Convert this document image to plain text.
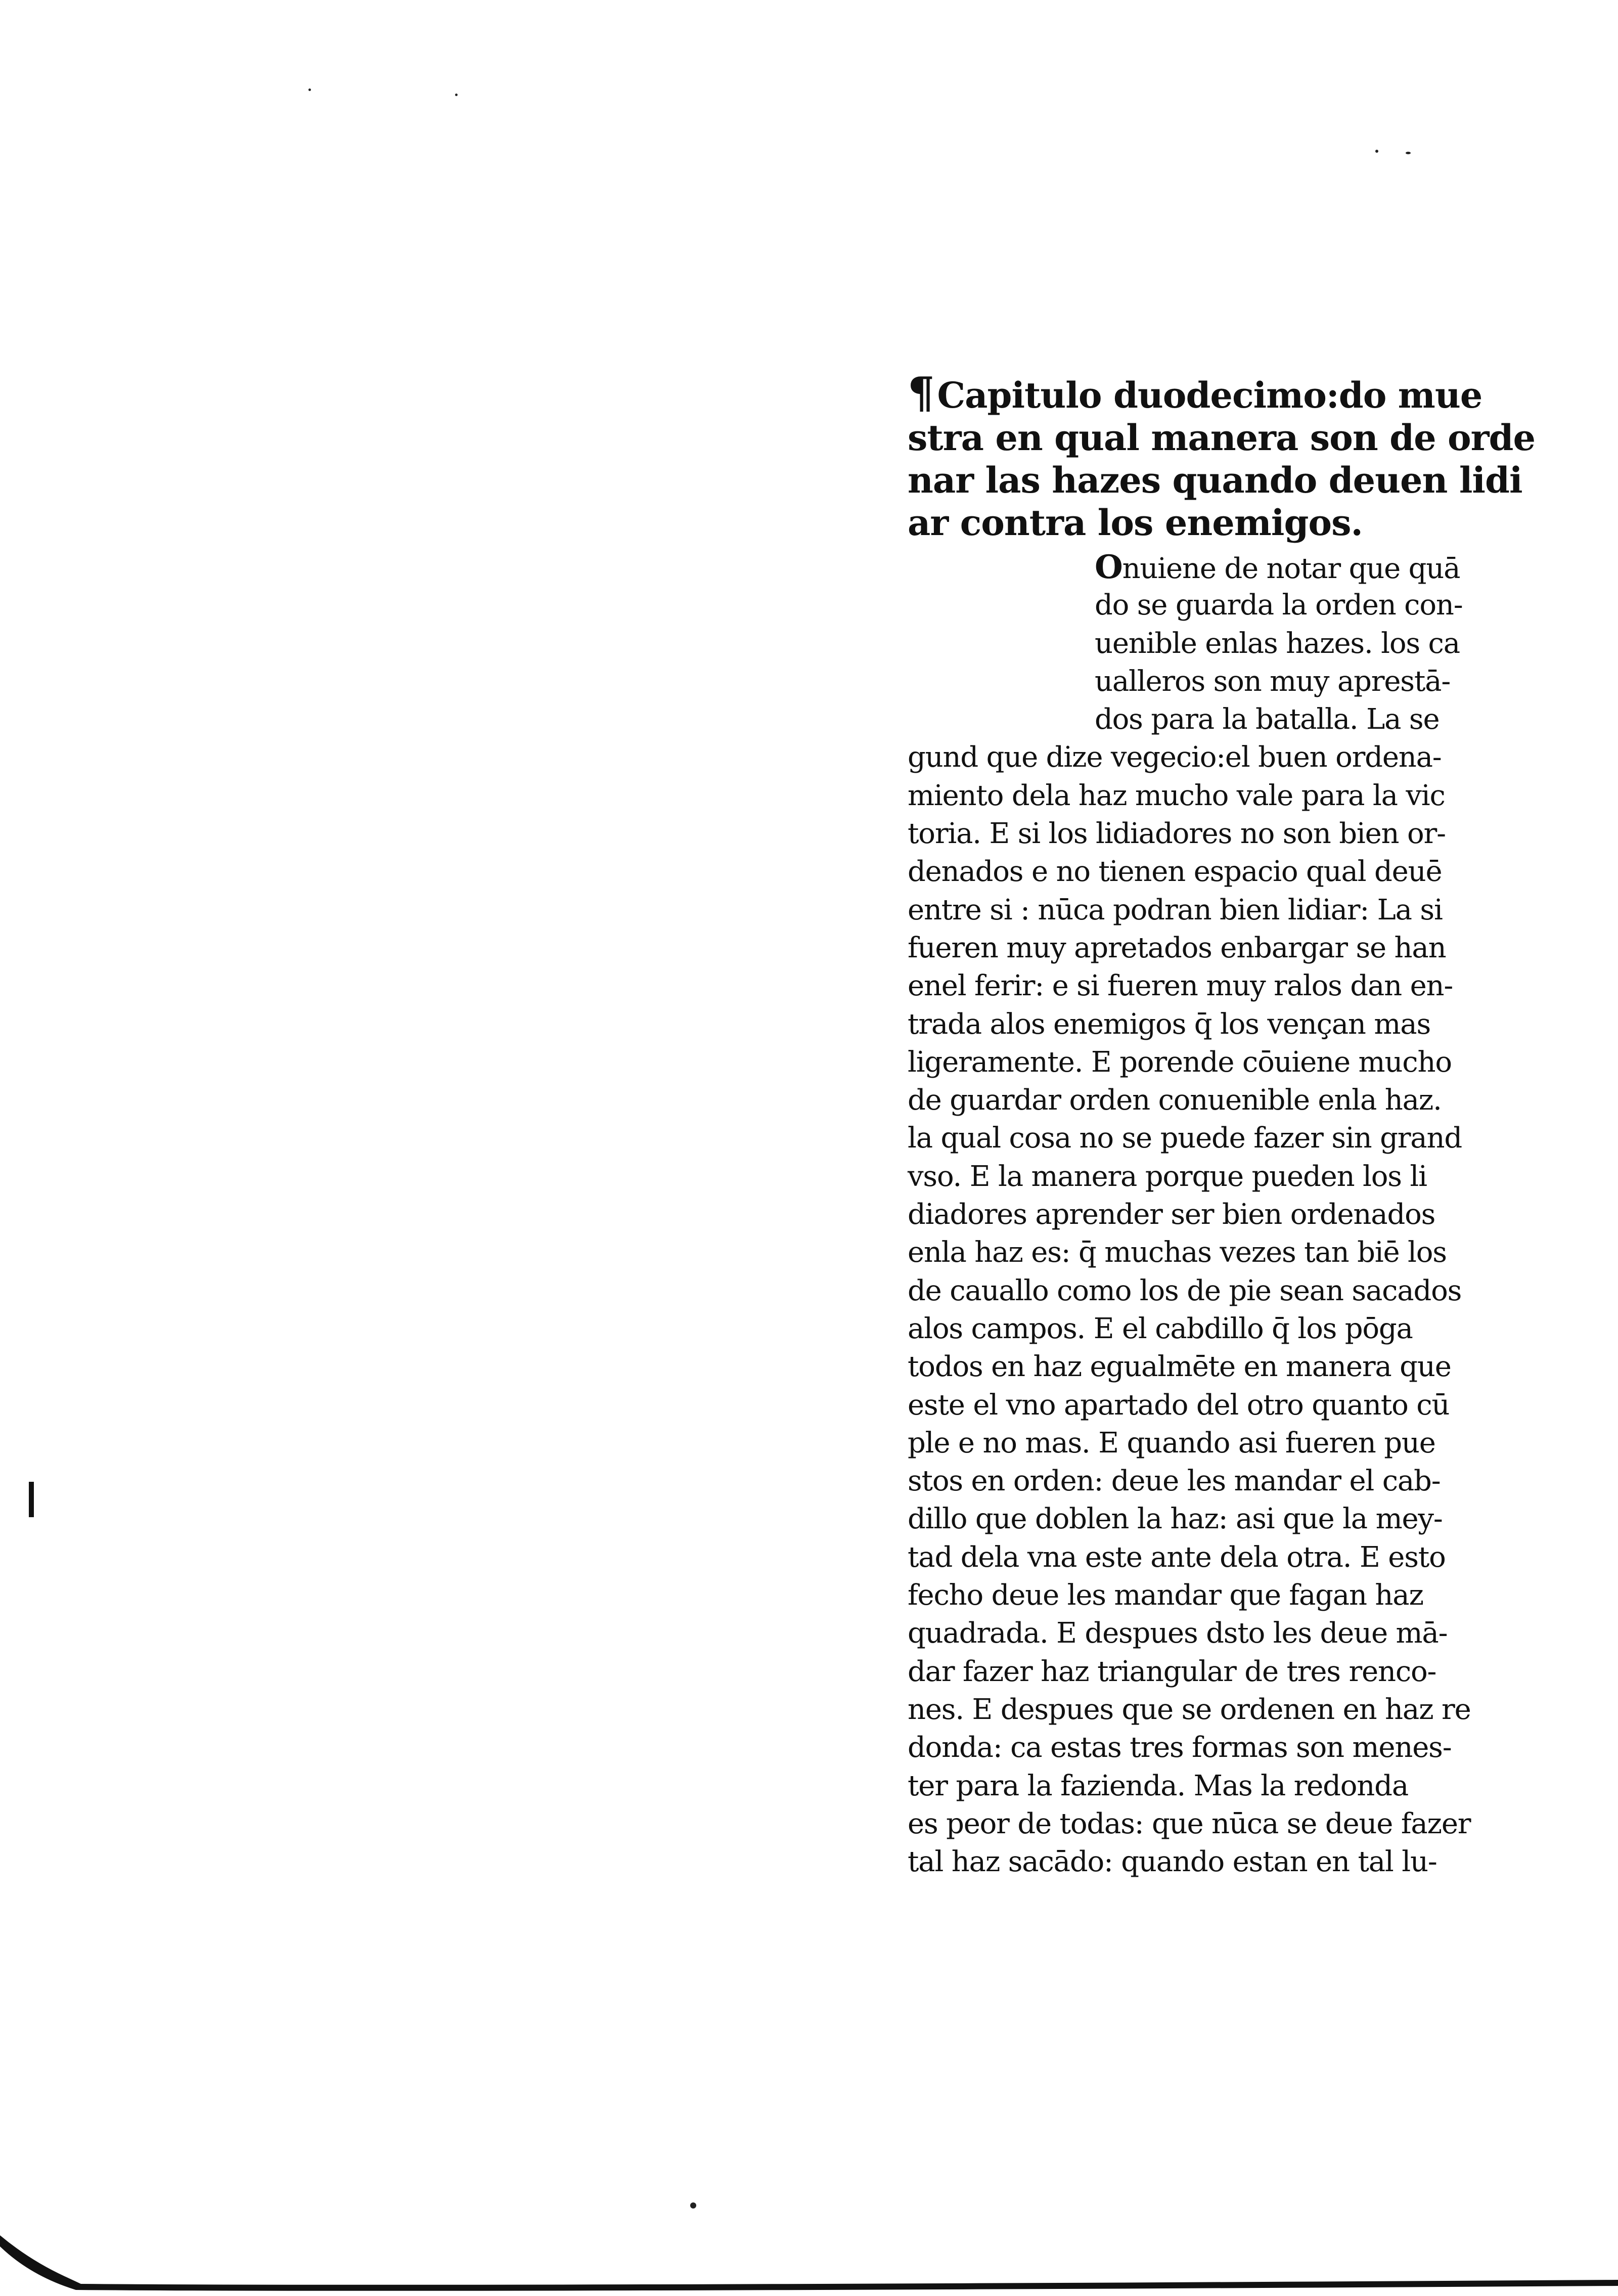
¶Capitulo duodecimo:do mue
stra en qual manera son de orde
nar las hazes quando deuen lidi
ar contra los enemigos.
Onuiene de notar que quā
do se guarda la orden con-
uenible enlas hazes. los ca
ualleros son muy aprestā-
dos para la batalla. La se
gund que dize vegecio:el buen ordena-
miento dela haz mucho vale para la vic
toria. E si los lidiadores no son bien or-
denados e no tienen espacio qual deuē
entre si : nūca podran bien lidiar: La si
fueren muy apretados enbargar se han
enel ferir: e si fueren muy ralos dan en-
trada alos enemigos q̄ los vençan mas
ligeramente. E porende cōuiene mucho
de guardar orden conuenible enla haz.
la qual cosa no se puede fazer sin grand
vso. E la manera porque pueden los li
diadores aprender ser bien ordenados
enla haz es: q̄ muchas vezes tan biē los
de cauallo como los de pie sean sacados
alos campos. E el cabdillo q̄ los pōga
todos en haz egualmēte en manera que
este el vno apartado del otro quanto cū
ple e no mas. E quando asi fueren pue
stos en orden: deue les mandar el cab-
dillo que doblen la haz: asi que la mey-
tad dela vna este ante dela otra. E esto
fecho deue les mandar que fagan haz
quadrada. E despues dsto les deue mā-
dar fazer haz triangular de tres renco-
nes. E despues que se ordenen en haz re
donda: ca estas tres formas son menes-
ter para la fazienda. Mas la redonda
es peor de todas: que nūca se deue fazer
tal haz sacādo: quando estan en tal lu-
